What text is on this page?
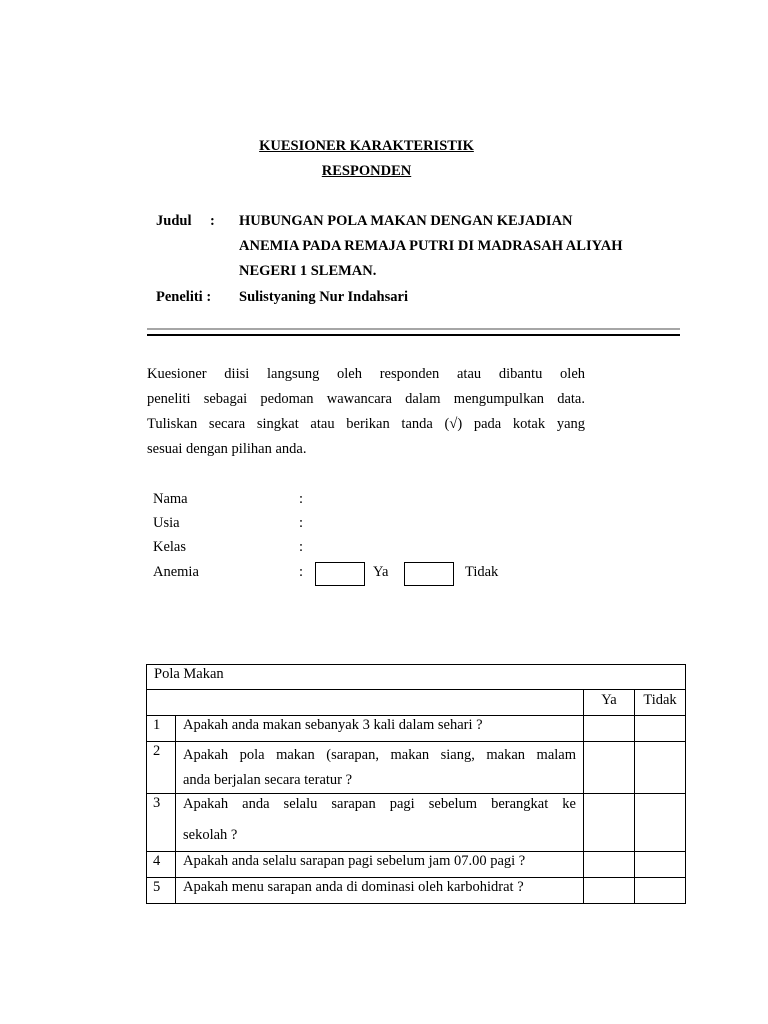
KUESIONER KARAKTERISTIK
RESPONDEN
Judul : HUBUNGAN POLA MAKAN DENGAN KEJADIAN
ANEMIA PADA REMAJA PUTRI DI MADRASAH ALIYAH
NEGERI 1 SLEMAN.
Peneliti : Sulistyaning Nur Indahsari
Kuesioner diisi langsung oleh responden atau dibantu oleh
peneliti sebagai pedoman wawancara dalam mengumpulkan data.
Tuliskan secara singkat atau berikan tanda (√) pada kotak yang
sesuai dengan pilihan anda.
Nama	:
Usia	:
Kelas	:
Anemia	:	Ya	Tidak
Pola Makan			
		Ya	Tidak
1	Apakah anda makan sebanyak 3 kali dalam sehari ?		
2	Apakah pola makan (sarapan, makan siang, makan malam
anda berjalan secara teratur ?		
3	Apakah anda selalu sarapan pagi sebelum berangkat ke
sekolah ?		
4	Apakah anda selalu sarapan pagi sebelum jam 07.00 pagi ?		
5	Apakah menu sarapan anda di dominasi oleh karbohidrat ?		
